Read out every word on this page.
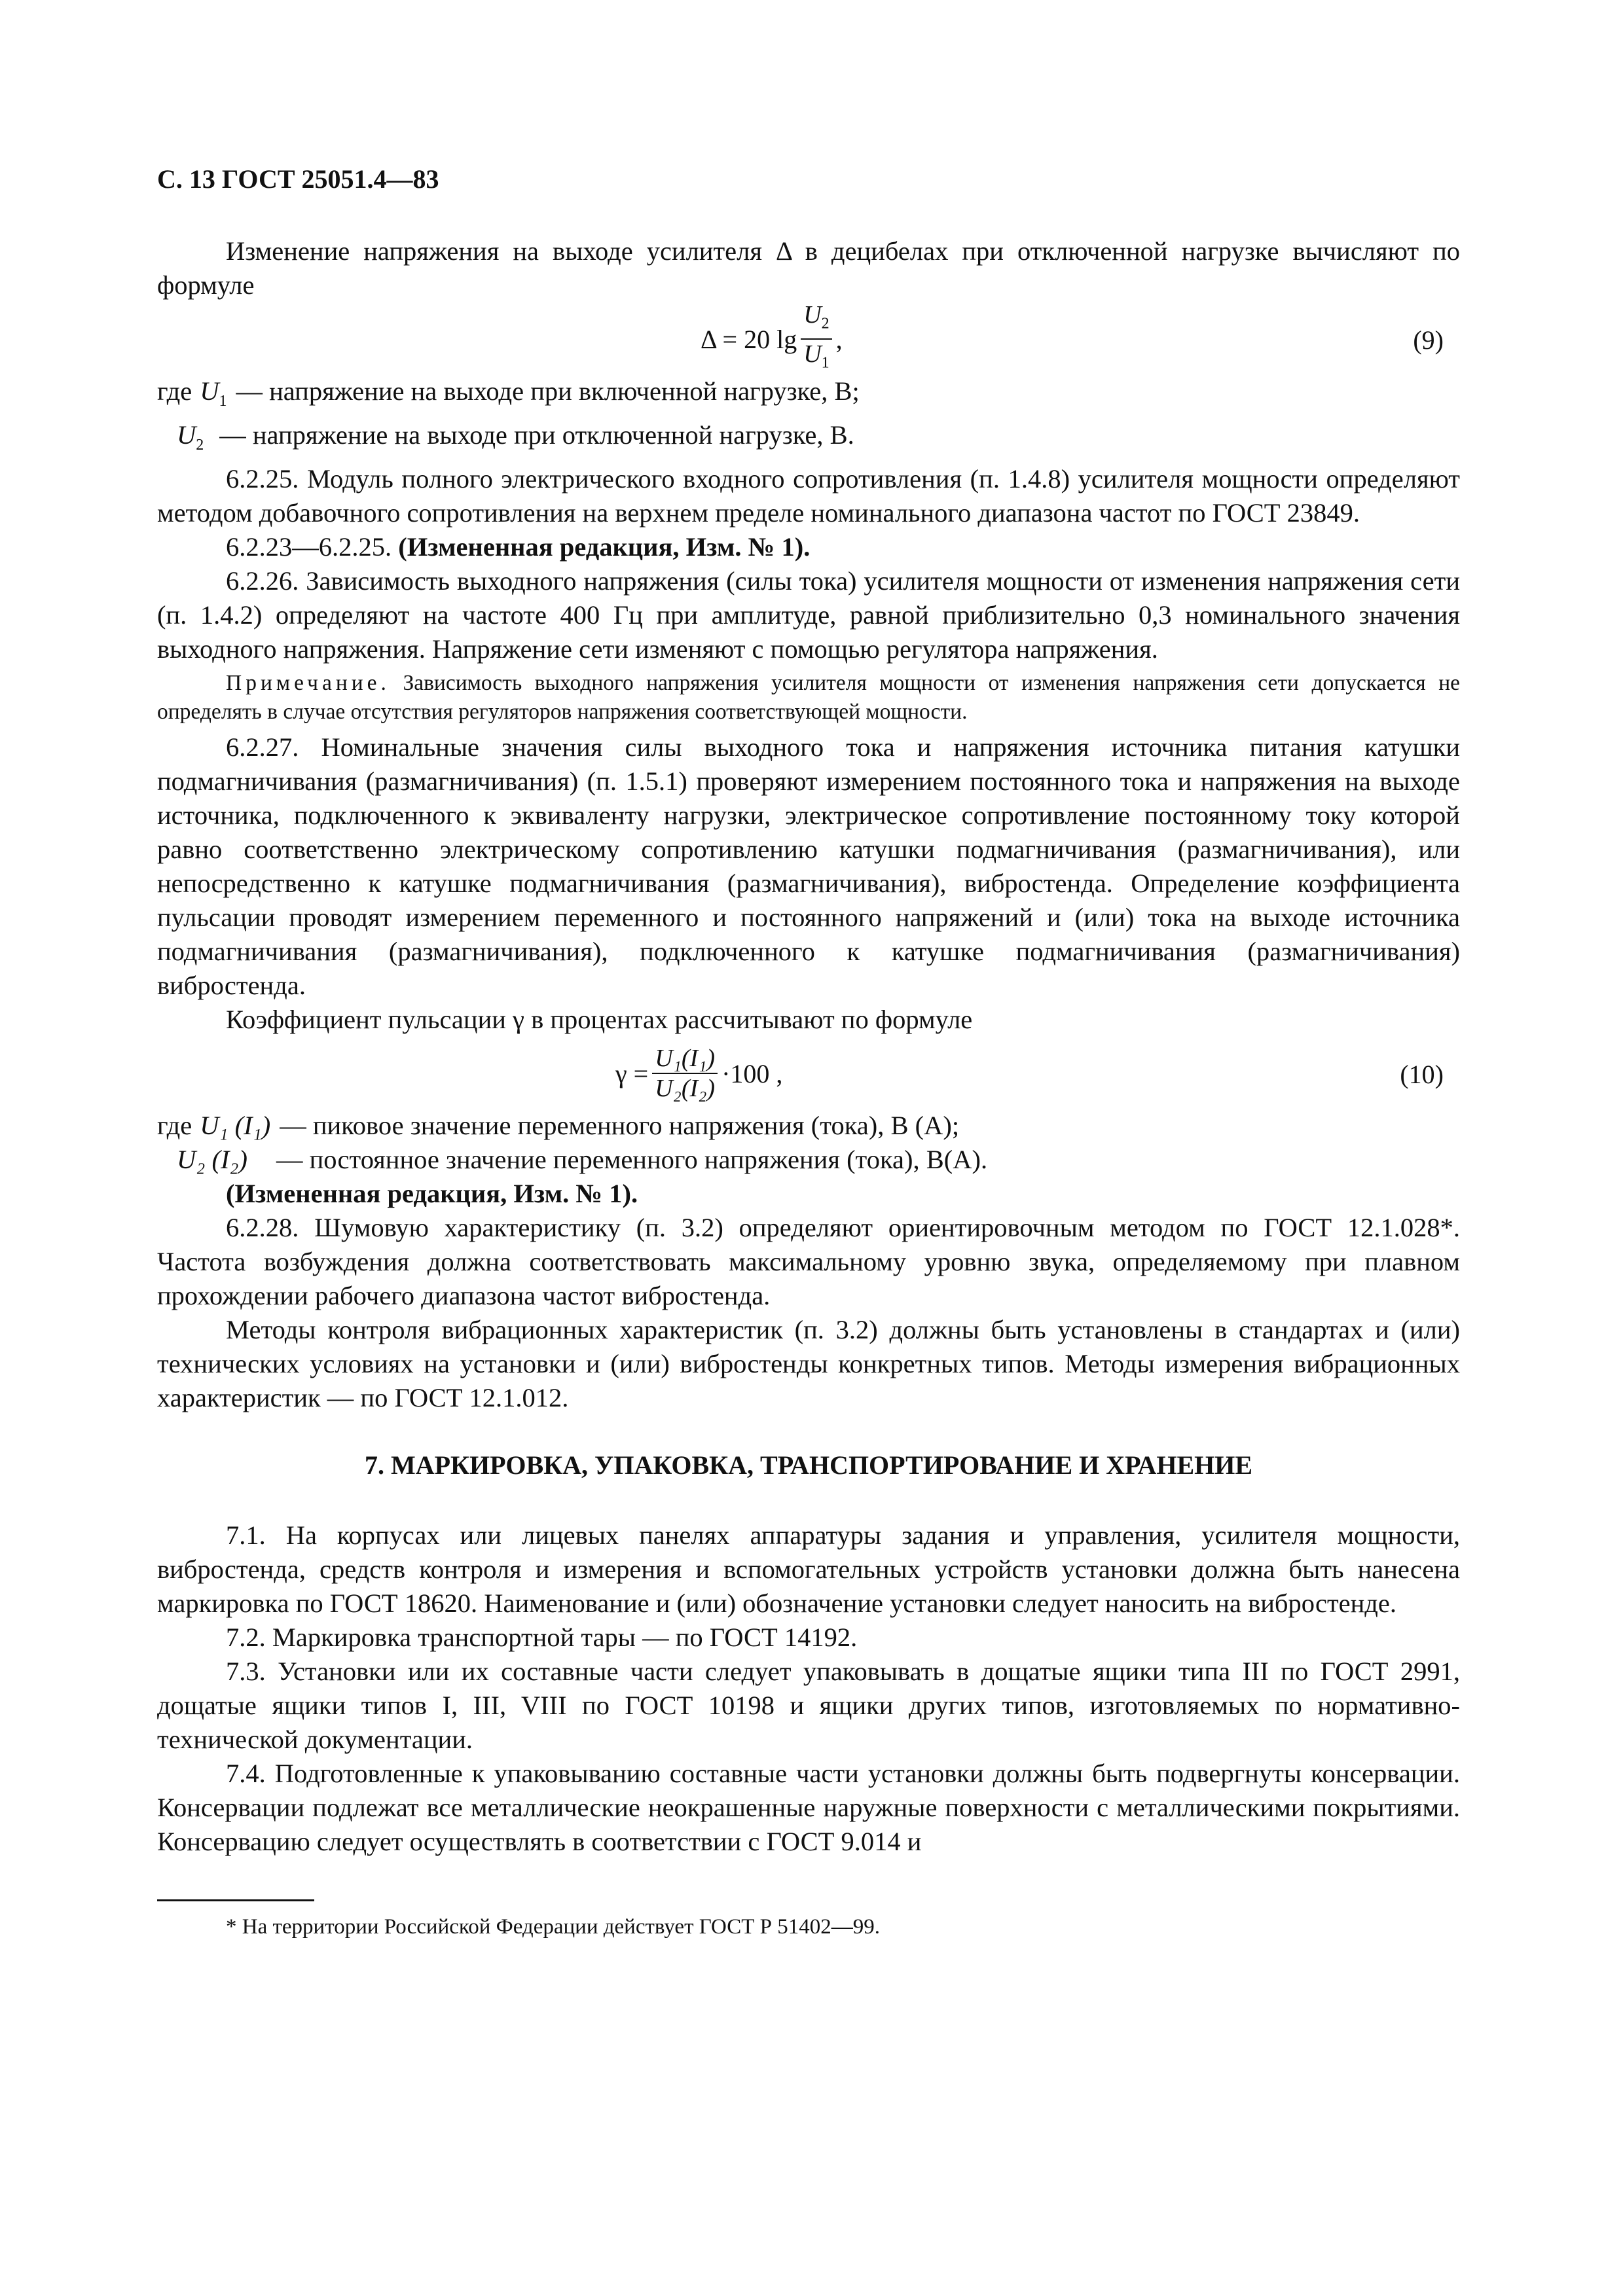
С. 13 ГОСТ 25051.4—83

Изменение напряжения на выходе усилителя Δ в децибелах при отключенной нагрузке вычисляют по формуле

Δ = 20 $\lg \frac{U_2}{U_1}$ ,	(9)
где $U_1$ — напряжение на выходе при включенной нагрузке, В;
$U_2$ — напряжение на выходе при отключенной нагрузке, В.

6.2.25. Модуль полного электрического входного сопротивления (п. 1.4.8) усилителя мощности определяют методом добавочного сопротивления на верхнем пределе номинального диапазона частот по ГОСТ 23849.

6.2.23—6.2.25. (Измененная редакция, Изм. № 1).

6.2.26. Зависимость выходного напряжения (силы тока) усилителя мощности от изменения напряжения сети (п. 1.4.2) определяют на частоте 400 Гц при амплитуде, равной приблизительно 0,3 номинального значения выходного напряжения. Напряжение сети изменяют с помощью регулятора напряжения.

Примечание. Зависимость выходного напряжения усилителя мощности от изменения напряжения сети допускается не определять в случае отсутствия регуляторов напряжения соответствующей мощности.

6.2.27. Номинальные значения силы выходного тока и напряжения источника питания катушки подмагничивания (размагничивания) (п. 1.5.1) проверяют измерением постоянного тока и напряжения на выходе источника, подключенного к эквиваленту нагрузки, электрическое сопротивление постоянному току которой равно соответственно электрическому сопротивлению катушки подмагничивания (размагничивания), или непосредственно к катушке подмагничивания (размагничивания), вибростенда. Определение коэффициента пульсации проводят измерением переменного и постоянного напряжений и (или) тока на выходе источника подмагничивания (размагничивания), подключенного к катушке подмагничивания (размагничивания) вибростенда.

Коэффициент пульсации γ в процентах рассчитывают по формуле

$\gamma = \frac{\text{U₁(I₁)}}{\text{U₂(I₂)}} \cdot 100$ ,	(10)
где U₁ (I₁) — пиковое значение переменного напряжения (тока), В (А);
U₂ (I₂) — постоянное значение переменного напряжения (тока), В(А).

(Измененная редакция, Изм. № 1).

6.2.28. Шумовую характеристику (п. 3.2) определяют ориентировочным методом по ГОСТ 12.1.028*. Частота возбуждения должна соответствовать максимальному уровню звука, определяемому при плавном прохождении рабочего диапазона частот вибростенда.

Методы контроля вибрационных характеристик (п. 3.2) должны быть установлены в стандартах и (или) технических условиях на установки и (или) вибростенды конкретных типов. Методы измерения вибрационных характеристик — по ГОСТ 12.1.012.

7. МАРКИРОВКА, УПАКОВКА, ТРАНСПОРТИРОВАНИЕ И ХРАНЕНИЕ

7.1. На корпусах или лицевых панелях аппаратуры задания и управления, усилителя мощности, вибростенда, средств контроля и измерения и вспомогательных устройств установки должна быть нанесена маркировка по ГОСТ 18620. Наименование и (или) обозначение установки следует наносить на вибростенде.

7.2. Маркировка транспортной тары — по ГОСТ 14192.

7.3. Установки или их составные части следует упаковывать в дощатые ящики типа III по ГОСТ 2991, дощатые ящики типов I, III, VIII по ГОСТ 10198 и ящики других типов, изготовляемых по нормативно-технической документации.

7.4. Подготовленные к упаковыванию составные части установки должны быть подвергнуты консервации. Консервации подлежат все металлические неокрашенные наружные поверхности с металлическими покрытиями. Консервацию следует осуществлять в соответствии с ГОСТ 9.014 и

* На территории Российской Федерации действует ГОСТ Р 51402—99.
